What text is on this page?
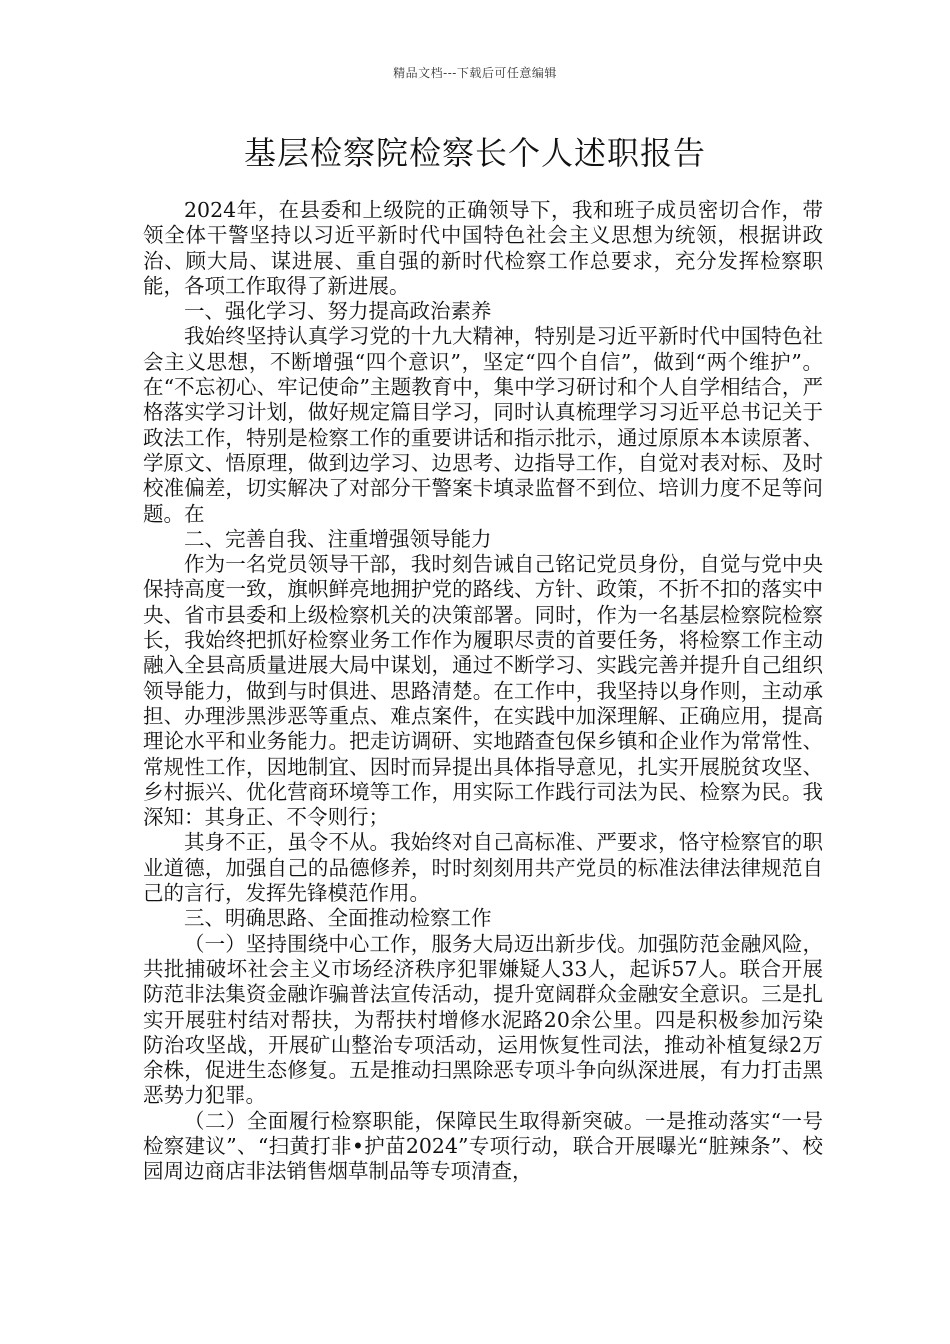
精品文档---下载后可任意编辑
基层检察院检察长个人述职报告

2024年，在县委和上级院的正确领导下，我和班子成员密切合作，带领全体干警坚持以习近平新时代中国特色社会主义思想为统领，根据讲政治、顾大局、谋进展、重自强的新时代检察工作总要求，充分发挥检察职能，各项工作取得了新进展。

一、强化学习、努力提高政治素养

我始终坚持认真学习党的十九大精神，特别是习近平新时代中国特色社会主义思想，不断增强“四个意识”，坚定“四个自信”，做到“两个维护”。在“不忘初心、牢记使命”主题教育中，集中学习研讨和个人自学相结合，严格落实学习计划，做好规定篇目学习，同时认真梳理学习习近平总书记关于政法工作，特别是检察工作的重要讲话和指示批示，通过原原本本读原著、学原文、悟原理，做到边学习、边思考、边指导工作，自觉对表对标、及时校准偏差，切实解决了对部分干警案卡填录监督不到位、培训力度不足等问题。在

二、完善自我、注重增强领导能力

作为一名党员领导干部，我时刻告诫自己铭记党员身份，自觉与党中央保持高度一致，旗帜鲜亮地拥护党的路线、方针、政策，不折不扣的落实中央、省市县委和上级检察机关的决策部署。同时，作为一名基层检察院检察长，我始终把抓好检察业务工作作为履职尽责的首要任务，将检察工作主动融入全县高质量进展大局中谋划，通过不断学习、实践完善并提升自己组织领导能力，做到与时俱进、思路清楚。在工作中，我坚持以身作则，主动承担、办理涉黑涉恶等重点、难点案件，在实践中加深理解、正确应用，提高理论水平和业务能力。把走访调研、实地踏查包保乡镇和企业作为常常性、常规性工作，因地制宜、因时而异提出具体指导意见，扎实开展脱贫攻坚、乡村振兴、优化营商环境等工作，用实际工作践行司法为民、检察为民。我深知：其身正、不令则行；

其身不正，虽令不从。我始终对自己高标准、严要求，恪守检察官的职业道德，加强自己的品德修养，时时刻刻用共产党员的标准法律法律规范自己的言行，发挥先锋模范作用。

三、明确思路、全面推动检察工作

（一）坚持围绕中心工作，服务大局迈出新步伐。加强防范金融风险，共批捕破坏社会主义市场经济秩序犯罪嫌疑人33人，起诉57人。联合开展防范非法集资金融诈骗普法宣传活动，提升宽阔群众金融安全意识。三是扎实开展驻村结对帮扶，为帮扶村增修水泥路20余公里。四是积极参加污染防治攻坚战，开展矿山整治专项活动，运用恢复性司法，推动补植复绿2万余株，促进生态修复。五是推动扫黑除恶专项斗争向纵深进展，有力打击黑恶势力犯罪。

（二）全面履行检察职能，保障民生取得新突破。一是推动落实“一号检察建议”、“扫黄打非•护苗2024”专项行动，联合开展曝光“脏辣条”、校园周边商店非法销售烟草制品等专项清查，
